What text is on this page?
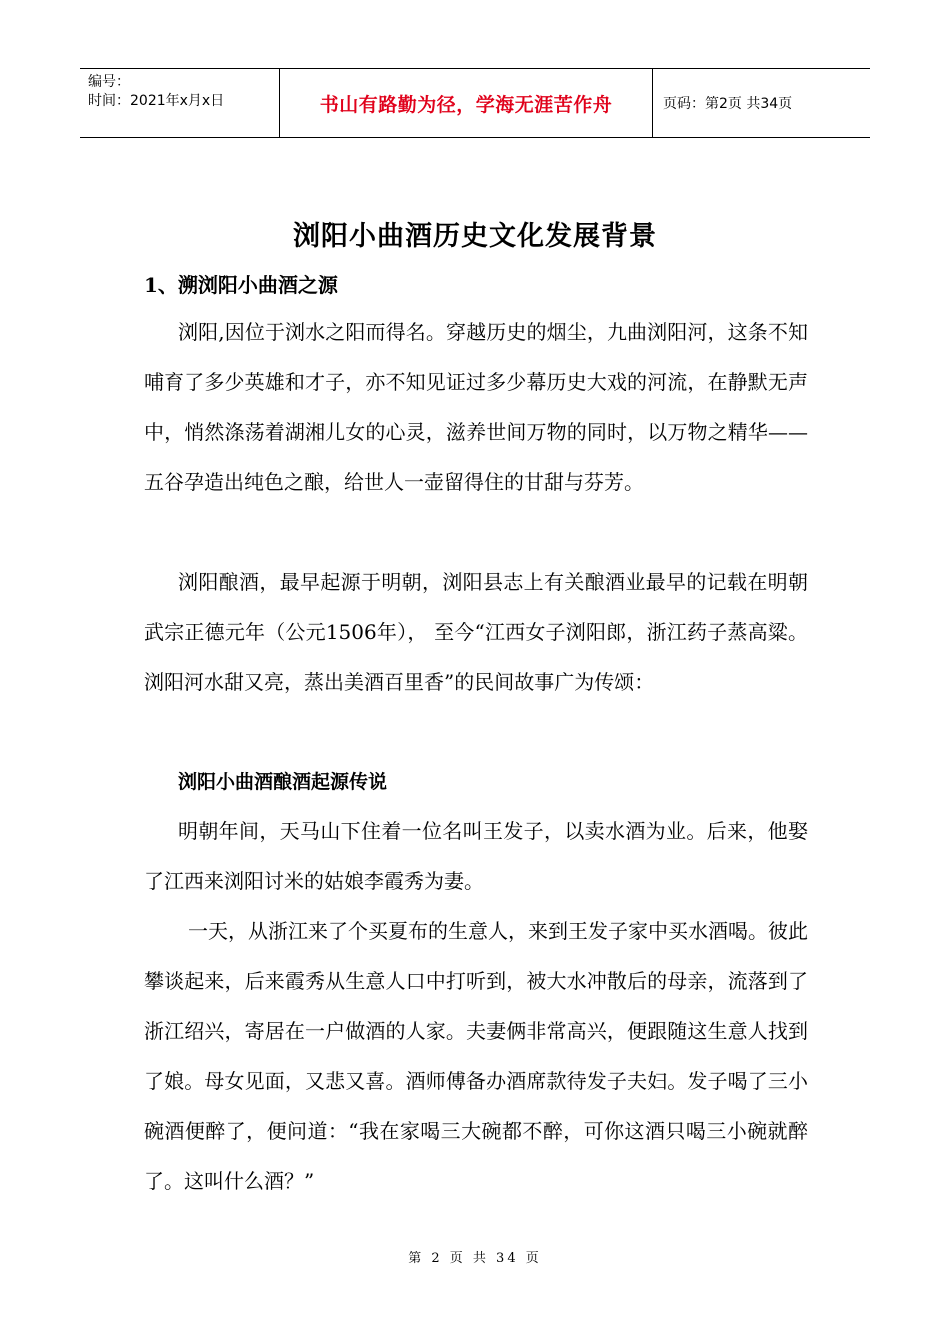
编号：
时间：2021年x月x日	书山有路勤为径，学海无涯苦作舟	页码：第2页 共34页
浏阳小曲酒历史文化发展背景
1、溯浏阳小曲酒之源

浏阳,因位于浏水之阳而得名。穿越历史的烟尘，九曲浏阳河，这条不知哺育了多少英雄和才子，亦不知见证过多少幕历史大戏的河流，在静默无声中，悄然涤荡着湖湘儿女的心灵，滋养世间万物的同时，以万物之精华——五谷孕造出纯色之酿，给世人一壶留得住的甘甜与芬芳。

浏阳酿酒，最早起源于明朝，浏阳县志上有关酿酒业最早的记载在明朝武宗正德元年（公元1506年）， 至今“江西女子浏阳郎，浙江药子蒸高粱。浏阳河水甜又亮，蒸出美酒百里香”的民间故事广为传颂：

浏阳小曲酒酿酒起源传说

明朝年间，天马山下住着一位名叫王发子，以卖水酒为业。后来，他娶了江西来浏阳讨米的姑娘李霞秀为妻。

一天，从浙江来了个买夏布的生意人，来到王发子家中买水酒喝。彼此攀谈起来，后来霞秀从生意人口中打听到，被大水冲散后的母亲，流落到了浙江绍兴，寄居在一户做酒的人家。夫妻俩非常高兴，便跟随这生意人找到了娘。母女见面，又悲又喜。酒师傅备办酒席款待发子夫妇。发子喝了三小碗酒便醉了，便问道：“我在家喝三大碗都不醉，可你这酒只喝三小碗就醉了。这叫什么酒？”

第 2 页 共 34 页
